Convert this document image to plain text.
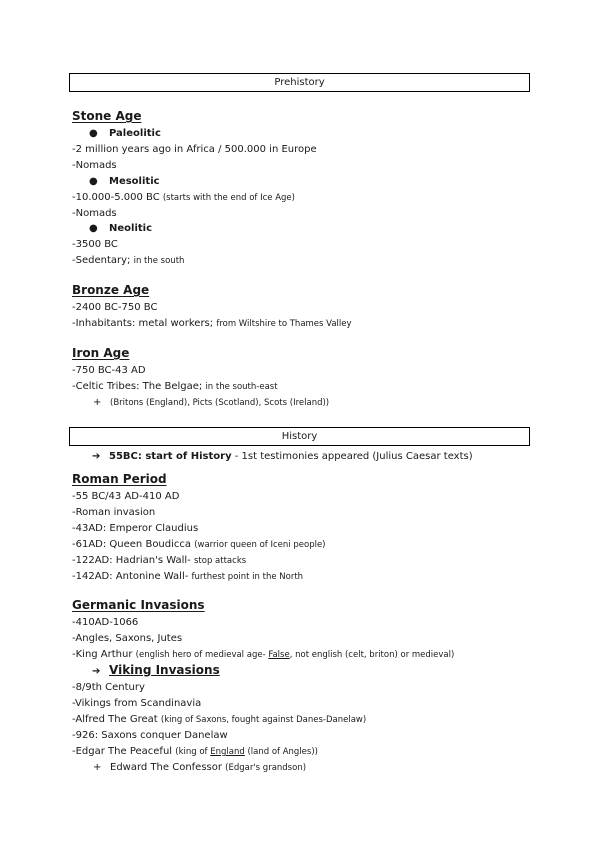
Prehistory
Stone Age
● Paleolitic
-2 million years ago in Africa / 500.000 in Europe
-Nomads
● Mesolitic
-10.000-5.000 BC (starts with the end of Ice Age)
-Nomads
● Neolitic
-3500 BC
-Sedentary; in the south
Bronze Age
-2400 BC-750 BC
-Inhabitants: metal workers; from Wiltshire to Thames Valley
Iron Age
-750 BC-43 AD
-Celtic Tribes: The Belgae; in the south-east
+ (Britons (England), Picts (Scotland), Scots (Ireland))
History
➔ 55BC: start of History - 1st testimonies appeared (Julius Caesar texts)
Roman Period
-55 BC/43 AD-410 AD
-Roman invasion
-43AD: Emperor Claudius
-61AD: Queen Boudicca (warrior queen of Iceni people)
-122AD: Hadrian's Wall- stop attacks
-142AD: Antonine Wall- furthest point in the North
Germanic Invasions
-410AD-1066
-Angles, Saxons, Jutes
-King Arthur (english hero of medieval age- False, not english (celt, briton) or medieval)
➔ Viking Invasions
-8/9th Century
-Vikings from Scandinavia
-Alfred The Great (king of Saxons, fought against Danes-Danelaw)
-926: Saxons conquer Danelaw
-Edgar The Peaceful (king of England (land of Angles))
+ Edward The Confessor (Edgar's grandson)
